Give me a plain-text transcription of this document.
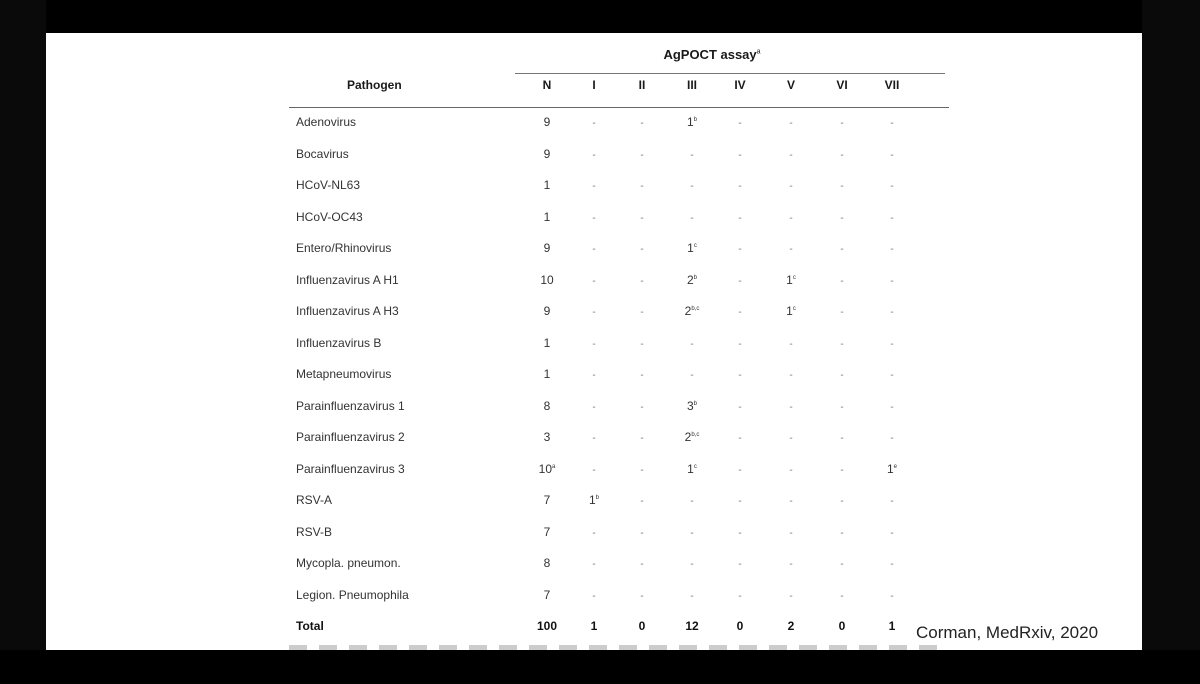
AgPOCT assay$^a$
Pathogen	N	I	II	III	IV	V	VI	VII
Adenovirus	9	-	-	1$^b$	-	-	-	-
Bocavirus	9	-	-	-	-	-	-	-
HCoV-NL63	1	-	-	-	-	-	-	-
HCoV-OC43	1	-	-	-	-	-	-	-
Entero/Rhinovirus	9	-	-	1$^c$	-	-	-	-
Influenzavirus A H1	10	-	-	2$^b$	-	1$^c$	-	-
Influenzavirus A H3	9	-	-	2$^{b,c}$	-	1$^c$	-	-
Influenzavirus B	1	-	-	-	-	-	-	-
Metapneumovirus	1	-	-	-	-	-	-	-
Parainfluenzavirus 1	8	-	-	3$^b$	-	-	-	-
Parainfluenzavirus 2	3	-	-	2$^{b,c}$	-	-	-	-
Parainfluenzavirus 3	10$^a$	-	-	1$^c$	-	-	-	1e
RSV-A	7	1$^b$	-	-	-	-	-	-
RSV-B	7	-	-	-	-	-	-	-
Mycopla. pneumon.	8	-	-	-	-	-	-	-
Legion. Pneumophila	7	-	-	-	-	-	-	-
Total	100	1	0	12	0	2	0	1	Corman, MedRxiv, 2020
